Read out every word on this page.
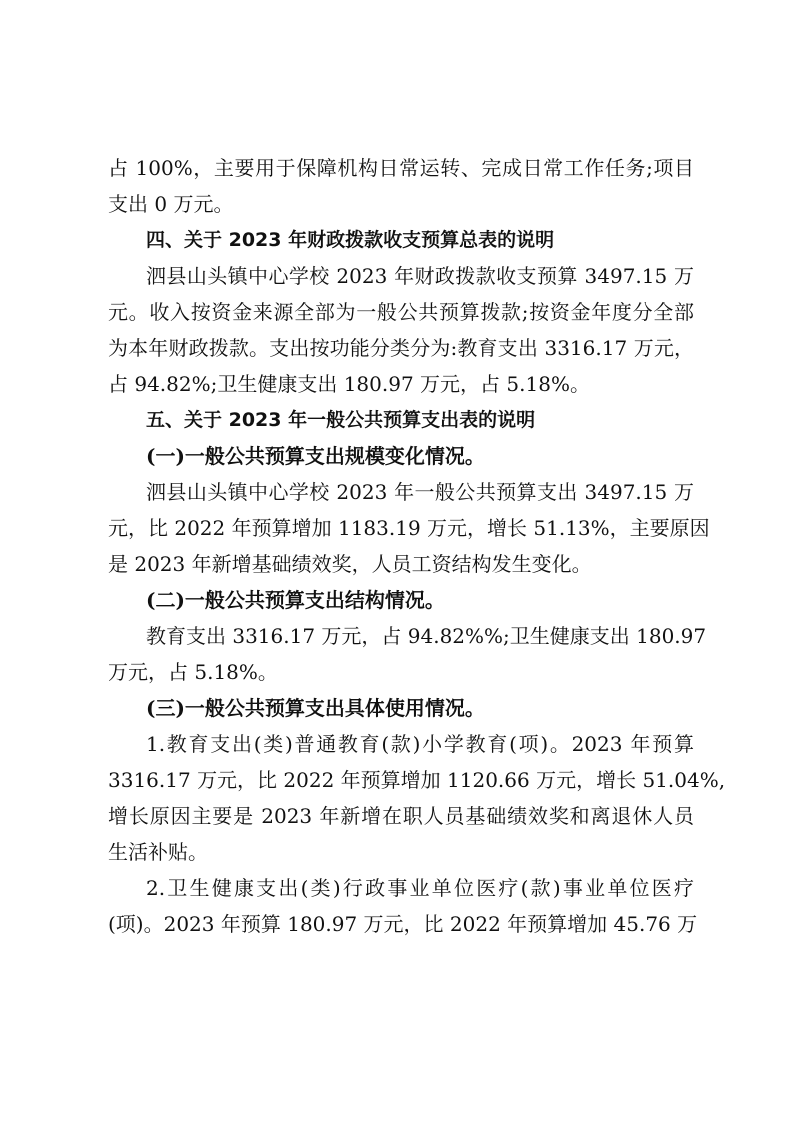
占 100%，主要用于保障机构日常运转、完成日常工作任务;项目
支出 0 万元。
四、关于 2023 年财政拨款收支预算总表的说明
泗县山头镇中心学校 2023 年财政拨款收支预算 3497.15 万
元。收入按资金来源全部为一般公共预算拨款;按资金年度分全部
为本年财政拨款。支出按功能分类分为:教育支出 3316.17 万元，
占 94.82%;卫生健康支出 180.97 万元，占 5.18%。
五、关于 2023 年一般公共预算支出表的说明
(一)一般公共预算支出规模变化情况。
泗县山头镇中心学校 2023 年一般公共预算支出 3497.15 万
元，比 2022 年预算增加 1183.19 万元，增长 51.13%，主要原因
是 2023 年新增基础绩效奖，人员工资结构发生变化。
(二)一般公共预算支出结构情况。
教育支出 3316.17 万元，占 94.82%%;卫生健康支出 180.97
万元，占 5.18%。
(三)一般公共预算支出具体使用情况。
1.教育支出(类)普通教育(款)小学教育(项)。2023 年预算
3316.17 万元，比 2022 年预算增加 1120.66 万元，增长 51.04%,
增长原因主要是 2023 年新增在职人员基础绩效奖和离退休人员
生活补贴。
2.卫生健康支出(类)行政事业单位医疗(款)事业单位医疗
(项)。2023 年预算 180.97 万元，比 2022 年预算增加 45.76 万
